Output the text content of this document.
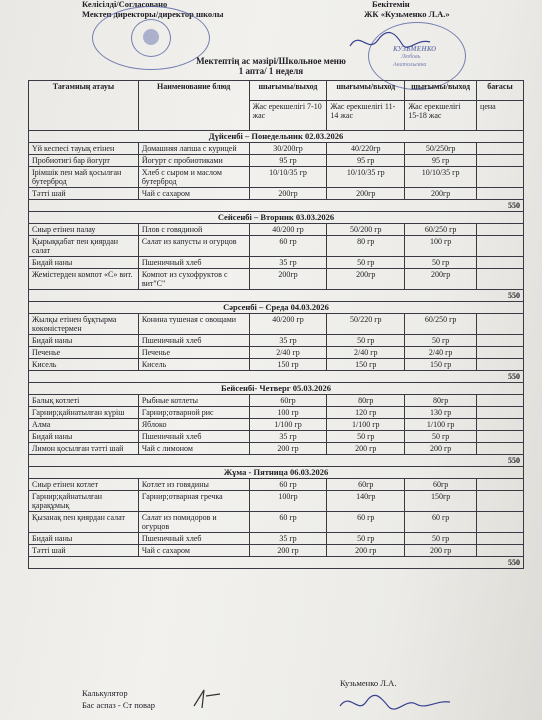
Келісілді/Согласовано
Мектеп директоры/директор школы
Бекітемін
ЖК «Кузьменко Л.А.»
КУЗЬМЕНКО
Любовь
Анатольевна
Мектептің ас мәзірі/Школьное меню
1 апта/ 1 неделя
Тағамның атауы	Наименование блюд	шығымы/выход	шығымы/выход	шығымы/выход	бағасы
		Жас ерекшелігі 7-10 жас	Жас ерекшелігі 11-14 жас	Жас ерекшелігі 15-18 жас	цена
Дүйсенбі – Понедельник 02.03.2026					
Үй кеспесі тауық етінен	Домашняя лапша с курицей	30/200гр	40/220гр	50/250гр	
Пробиотигі бар йогурт	Йогурт с пробиотиками	95 гр	95 гр	95 гр	
Ірімшік пен май қосылған бутерброд	Хлеб с сыром и маслом бутерброд	10/10/35 гр	10/10/35 гр	10/10/35 гр	
Тәтті шай	Чай с сахаром	200гр	200гр	200гр	
550					
Сейсенбі – Вторник 03.03.2026					
Сиыр етінен палау	Плов с говядиной	40/200 гр	50/200 гр	60/250 гр	
Қырыққабат пен қиярдан салат	Салат из капусты и огурцов	60 гр	80 гр	100 гр	
Бидай наны	Пшеничный хлеб	35 гр	50 гр	50 гр	
Жемістерден компот «С» вит.	Компот из сухофруктов с вит"С"	200гр	200гр	200гр	
550					
Сәрсенбі – Среда 04.03.2026					
Жылқы етінен бұқтырма көкөністермен	Конина тушеная с овощами	40/200 гр	50/220 гр	60/250 гр	
Бидай наны	Пшеничный хлеб	35 гр	50 гр	50 гр	
Печенье	Печенье	2/40 гр	2/40 гр	2/40 гр	
Кисель	Кисель	150 гр	150 гр	150 гр	
550					
Бейсенбі- Четверг 05.03.2026					
Балық котлеті	Рыбные котлеты	60гр	80гр	80гр	
Гарнир;қайнатылған күріш	Гарнир;отварной рис	100 гр	120 гр	130 гр	
Алма	Яблоко	1/100 гр	1/100 гр	1/100 гр	
Бидай наны	Пшеничный хлеб	35 гр	50 гр	50 гр	
Лимон қосылған тәтті шай	Чай с лимоном	200 гр	200 гр	200 гр	
550					
Жұма - Пятница 06.03.2026					
Сиыр етінен котлет	Котлет из говядины	60 гр	60гр	60гр	
Гарнир;қайнатылған қарақұмық	Гарнир;отварная гречка	100гр	140гр	150гр	
Қызанақ пен қиярдан салат	Салат из помидоров и огурцов	60 гр	60 гр	60 гр	
Бидай наны	Пшеничный хлеб	35 гр	50 гр	50 гр	
Тәтті шай	Чай с сахаром	200 гр	200 гр	200 гр	
550					
Калькулятор
Бас аспаз - Ст повар
Кузьменко Л.А.
